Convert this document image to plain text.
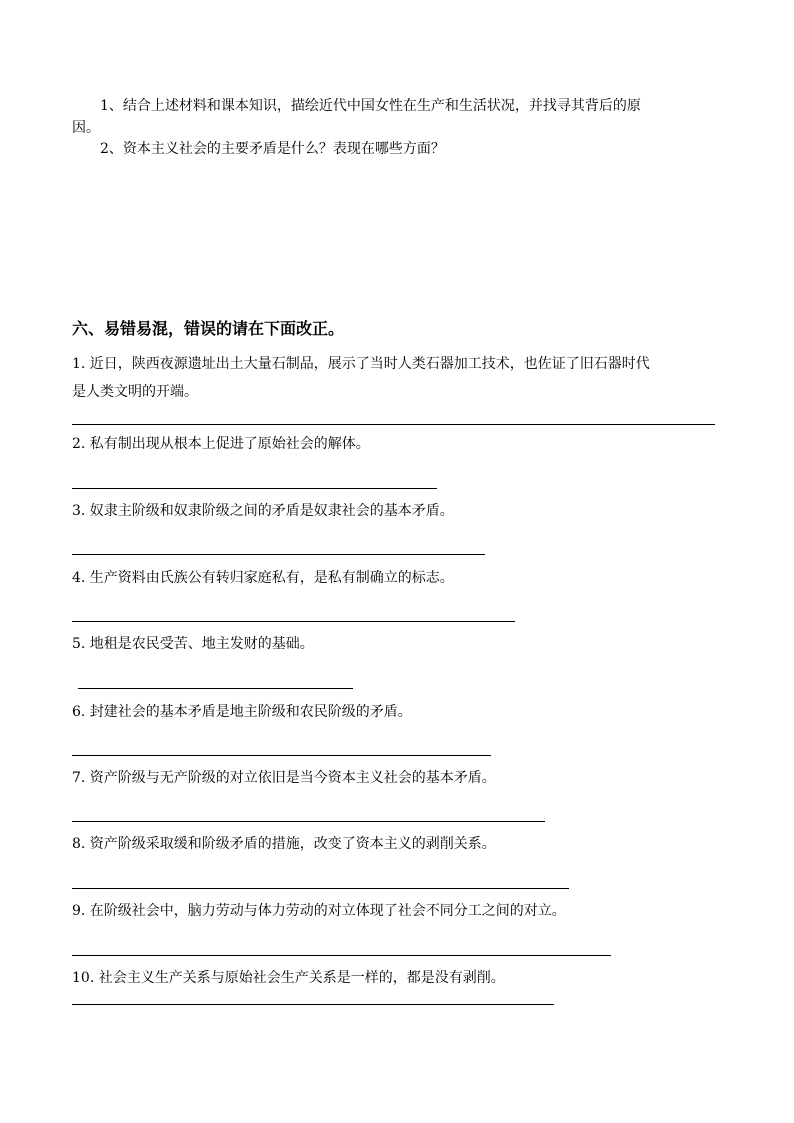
1、结合上述材料和课本知识，描绘近代中国女性在生产和生活状况，并找寻其背后的原
因。
2、资本主义社会的主要矛盾是什么？表现在哪些方面？
六、易错易混，错误的请在下面改正。
1. 近日，陕西夜源遗址出土大量石制品，展示了当时人类石器加工技术，也佐证了旧石器时代
是人类文明的开端。
2. 私有制出现从根本上促进了原始社会的解体。
3. 奴隶主阶级和奴隶阶级之间的矛盾是奴隶社会的基本矛盾。
4. 生产资料由氏族公有转归家庭私有，是私有制确立的标志。
5. 地租是农民受苦、地主发财的基础。
6. 封建社会的基本矛盾是地主阶级和农民阶级的矛盾。
7. 资产阶级与无产阶级的对立依旧是当今资本主义社会的基本矛盾。
8. 资产阶级采取缓和阶级矛盾的措施，改变了资本主义的剥削关系。
9. 在阶级社会中，脑力劳动与体力劳动的对立体现了社会不同分工之间的对立。
10. 社会主义生产关系与原始社会生产关系是一样的，都是没有剥削。
